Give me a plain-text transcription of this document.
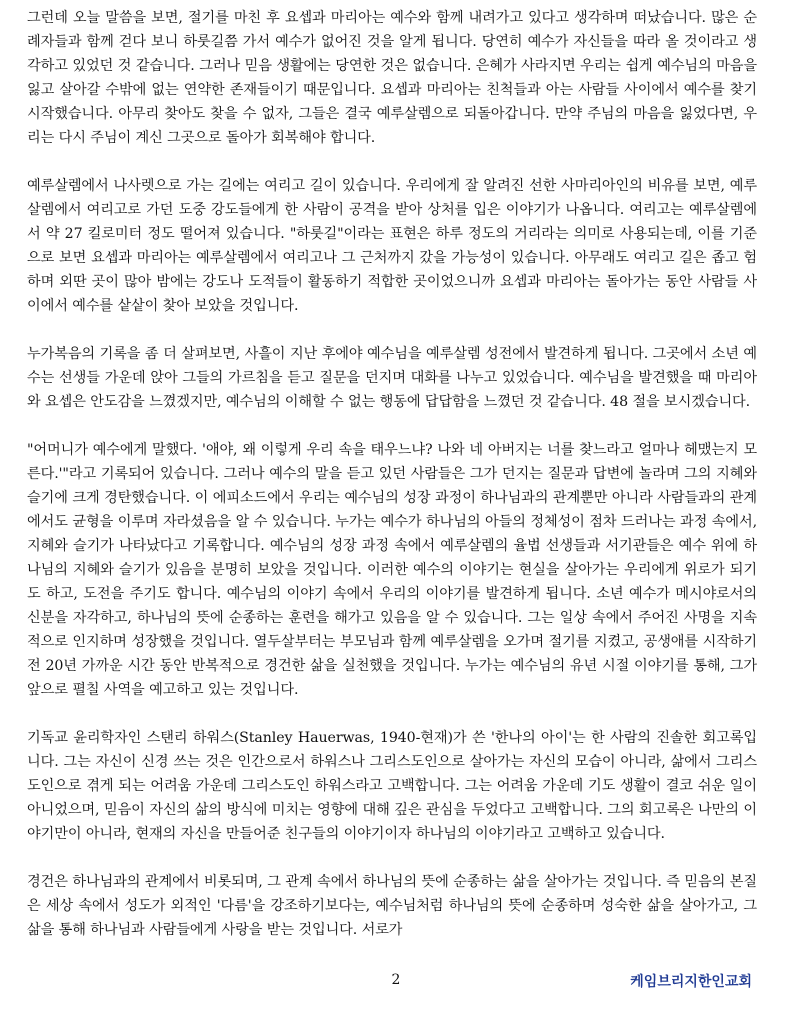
그런데 오늘 말씀을 보면, 절기를 마친 후 요셉과 마리아는 예수와 함께 내려가고 있다고 생각하며 떠났습니다. 많은 순례자들과 함께 걷다 보니 하룻길쯤 가서 예수가 없어진 것을 알게 됩니다. 당연히 예수가 자신들을 따라 올 것이라고 생각하고 있었던 것 같습니다. 그러나 믿음 생활에는 당연한 것은 없습니다. 은혜가 사라지면 우리는 쉽게 예수님의 마음을 잃고 살아갈 수밖에 없는 연약한 존재들이기 때문입니다. 요셉과 마리아는 친척들과 아는 사람들 사이에서 예수를 찾기 시작했습니다. 아무리 찾아도 찾을 수 없자, 그들은 결국 예루살렘으로 되돌아갑니다. 만약 주님의 마음을 잃었다면, 우리는 다시 주님이 계신 그곳으로 돌아가 회복해야 합니다.

예루살렘에서 나사렛으로 가는 길에는 여리고 길이 있습니다. 우리에게 잘 알려진 선한 사마리아인의 비유를 보면, 예루살렘에서 여리고로 가던 도중 강도들에게 한 사람이 공격을 받아 상처를 입은 이야기가 나옵니다. 여리고는 예루살렘에서 약 27 킬로미터 정도 떨어져 있습니다. "하룻길"이라는 표현은 하루 정도의 거리라는 의미로 사용되는데, 이를 기준으로 보면 요셉과 마리아는 예루살렘에서 여리고나 그 근처까지 갔을 가능성이 있습니다. 아무래도 여리고 길은 좁고 험하며 외딴 곳이 많아 밤에는 강도나 도적들이 활동하기 적합한 곳이었으니까 요셉과 마리아는 돌아가는 동안 사람들 사이에서 예수를 샅샅이 찾아 보았을 것입니다.

누가복음의 기록을 좀 더 살펴보면, 사흘이 지난 후에야 예수님을 예루살렘 성전에서 발견하게 됩니다. 그곳에서 소년 예수는 선생들 가운데 앉아 그들의 가르침을 듣고 질문을 던지며 대화를 나누고 있었습니다. 예수님을 발견했을 때 마리아와 요셉은 안도감을 느꼈겠지만, 예수님의 이해할 수 없는 행동에 답답함을 느꼈던 것 같습니다. 48 절을 보시겠습니다.

"어머니가 예수에게 말했다. '애야, 왜 이렇게 우리 속을 태우느냐? 나와 네 아버지는 너를 찾느라고 얼마나 헤맸는지 모른다.'"라고 기록되어 있습니다. 그러나 예수의 말을 듣고 있던 사람들은 그가 던지는 질문과 답변에 놀라며 그의 지혜와 슬기에 크게 경탄했습니다. 이 에피소드에서 우리는 예수님의 성장 과정이 하나님과의 관계뿐만 아니라 사람들과의 관계에서도 균형을 이루며 자라셨음을 알 수 있습니다. 누가는 예수가 하나님의 아들의 정체성이 점차 드러나는 과정 속에서, 지혜와 슬기가 나타났다고 기록합니다. 예수님의 성장 과정 속에서 예루살렘의 율법 선생들과 서기관들은 예수 위에 하나님의 지혜와 슬기가 있음을 분명히 보았을 것입니다. 이러한 예수의 이야기는 현실을 살아가는 우리에게 위로가 되기도 하고, 도전을 주기도 합니다. 예수님의 이야기 속에서 우리의 이야기를 발견하게 됩니다. 소년 예수가 메시야로서의 신분을 자각하고, 하나님의 뜻에 순종하는 훈련을 해가고 있음을 알 수 있습니다. 그는 일상 속에서 주어진 사명을 지속적으로 인지하며 성장했을 것입니다. 열두살부터는 부모님과 함께 예루살렘을 오가며 절기를 지켰고, 공생애를 시작하기 전 20년 가까운 시간 동안 반복적으로 경건한 삶을 실천했을 것입니다. 누가는 예수님의 유년 시절 이야기를 통해, 그가 앞으로 펼칠 사역을 예고하고 있는 것입니다.

기독교 윤리학자인 스탠리 하워스(Stanley Hauerwas, 1940-현재)가 쓴 '한나의 아이'는 한 사람의 진솔한 회고록입니다. 그는 자신이 신경 쓰는 것은 인간으로서 하워스나 그리스도인으로 살아가는 자신의 모습이 아니라, 삶에서 그리스도인으로 겪게 되는 어려움 가운데 그리스도인 하워스라고 고백합니다. 그는 어려움 가운데 기도 생활이 결코 쉬운 일이 아니었으며, 믿음이 자신의 삶의 방식에 미치는 영향에 대해 깊은 관심을 두었다고 고백합니다. 그의 회고록은 나만의 이야기만이 아니라, 현재의 자신을 만들어준 친구들의 이야기이자 하나님의 이야기라고 고백하고 있습니다.

경건은 하나님과의 관계에서 비롯되며, 그 관계 속에서 하나님의 뜻에 순종하는 삶을 살아가는 것입니다. 즉 믿음의 본질은 세상 속에서 성도가 외적인 '다름'을 강조하기보다는, 예수님처럼 하나님의 뜻에 순종하며 성숙한 삶을 살아가고, 그 삶을 통해 하나님과 사람들에게 사랑을 받는 것입니다. 서로가

2	케임브리지한인교회
